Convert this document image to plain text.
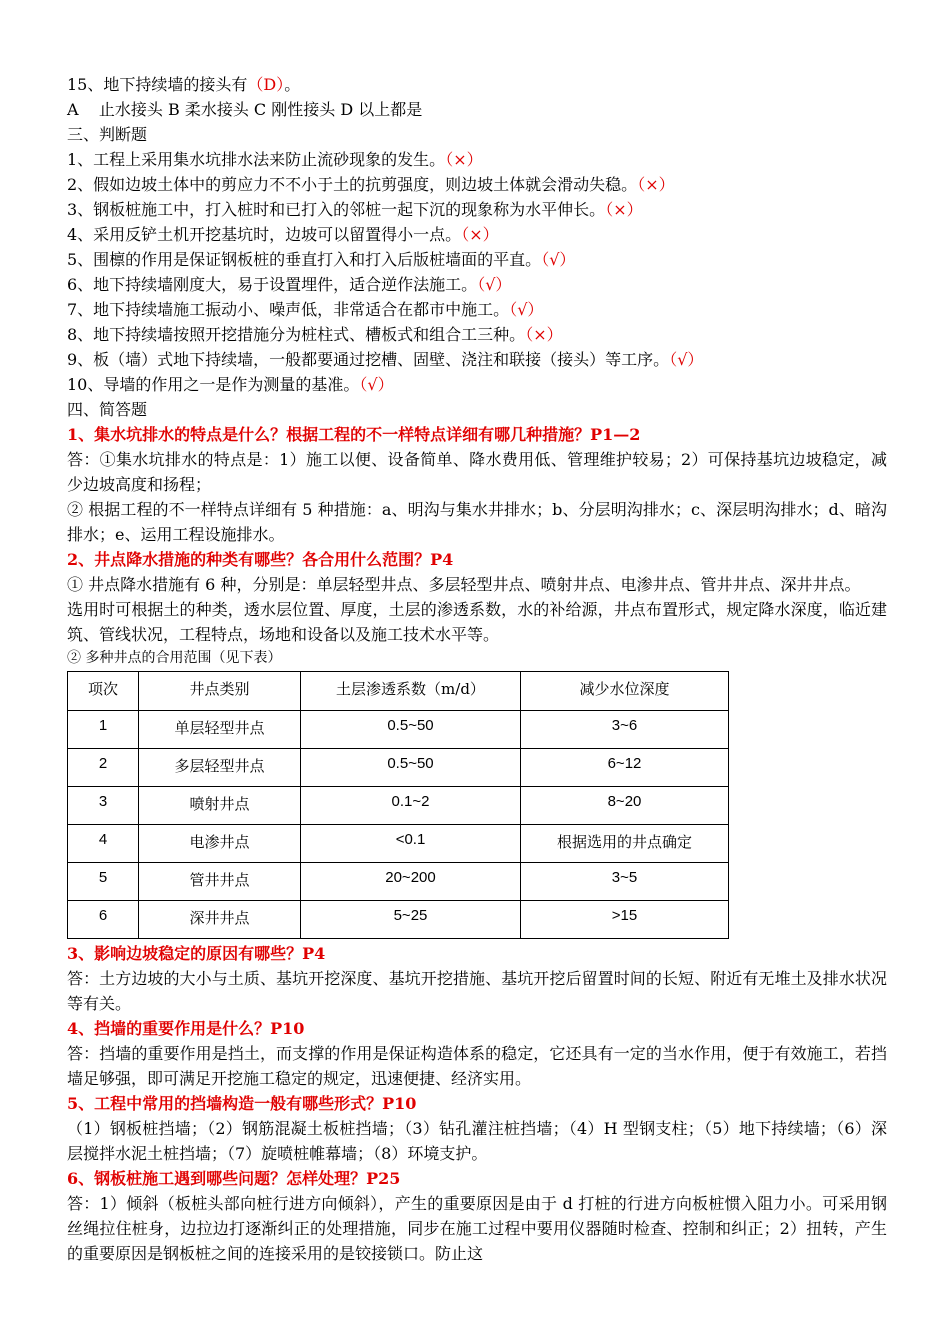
15、地下持续墙的接头有（D）。
A    止水接头 B 柔水接头 C 刚性接头 D 以上都是
三、判断题
1、工程上采用集水坑排水法来防止流砂现象的发生。（×）
2、假如边坡土体中的剪应力不不小于土的抗剪强度，则边坡土体就会滑动失稳。（×）
3、钢板桩施工中，打入桩时和已打入的邻桩一起下沉的现象称为水平伸长。（×）
4、采用反铲土机开挖基坑时，边坡可以留置得小一点。（×）
5、围檩的作用是保证钢板桩的垂直打入和打入后版桩墙面的平直。（√）
6、地下持续墙刚度大，易于设置埋件，适合逆作法施工。（√）
7、地下持续墙施工振动小、噪声低，非常适合在都市中施工。（√）
8、地下持续墙按照开挖措施分为桩柱式、槽板式和组合工三种。（×）
9、板（墙）式地下持续墙，一般都要通过挖槽、固壁、浇注和联接（接头）等工序。（√）
10、导墙的作用之一是作为测量的基准。（√）
四、简答题
1、集水坑排水的特点是什么？根据工程的不一样特点详细有哪几种措施？P1—2
答：①集水坑排水的特点是：1）施工以便、设备简单、降水费用低、管理维护较易；2）可保持基坑边坡稳定，减少边坡高度和扬程；
② 根据工程的不一样特点详细有 5 种措施：a、明沟与集水井排水；b、分层明沟排水；c、深层明沟排水；d、暗沟排水；e、运用工程设施排水。
2、井点降水措施的种类有哪些？各合用什么范围？P4
① 井点降水措施有 6 种，分别是：单层轻型井点、多层轻型井点、喷射井点、电渗井点、管井井点、深井井点。
选用时可根据土的种类，透水层位置、厚度，土层的渗透系数，水的补给源，井点布置形式，规定降水深度，临近建筑、管线状况，工程特点，场地和设备以及施工技术水平等。
② 多种井点的合用范围（见下表）
项次	井点类别	土层渗透系数（m/d）	减少水位深度
1	单层轻型井点	0.5~50	3~6
2	多层轻型井点	0.5~50	6~12
3	喷射井点	0.1~2	8~20
4	电渗井点	<0.1	根据选用的井点确定
5	管井井点	20~200	3~5
6	深井井点	5~25	>15
3、影响边坡稳定的原因有哪些？P4
答：土方边坡的大小与土质、基坑开挖深度、基坑开挖措施、基坑开挖后留置时间的长短、附近有无堆土及排水状况等有关。
4、挡墙的重要作用是什么？P10
答：挡墙的重要作用是挡土，而支撑的作用是保证构造体系的稳定，它还具有一定的当水作用，便于有效施工，若挡墙足够强，即可满足开挖施工稳定的规定，迅速便捷、经济实用。
5、工程中常用的挡墙构造一般有哪些形式？P10
（1）钢板桩挡墙；（2）钢筋混凝土板桩挡墙；（3）钻孔灌注桩挡墙；（4）H 型钢支柱；（5）地下持续墙；（6）深层搅拌水泥土桩挡墙；（7）旋喷桩帷幕墙；（8）环境支护。
6、钢板桩施工遇到哪些问题？怎样处理？P25
答：1）倾斜（板桩头部向桩行进方向倾斜），产生的重要原因是由于 d 打桩的行进方向板桩惯入阻力小。可采用钢丝绳拉住桩身，边拉边打逐渐纠正的处理措施，同步在施工过程中要用仪器随时检查、控制和纠正；2）扭转，产生的重要原因是钢板桩之间的连接采用的是铰接锁口。防止这
